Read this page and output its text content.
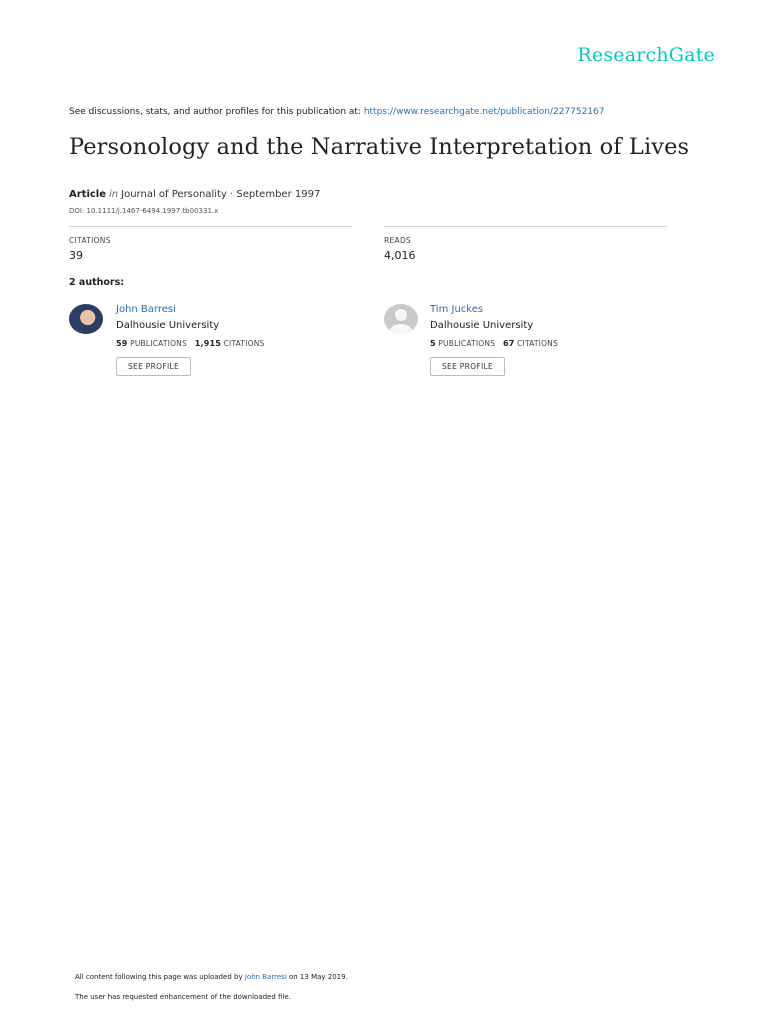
ResearchGate
See discussions, stats, and author profiles for this publication at: https://www.researchgate.net/publication/227752167
Personology and the Narrative Interpretation of Lives
Article in Journal of Personality · September 1997
DOI: 10.1111/j.1467-6494.1997.tb00331.x
CITATIONS
39
READS
4,016
2 authors:
John Barresi
Dalhousie University
59 PUBLICATIONS 1,915 CITATIONS
SEE PROFILE
Tim Juckes
Dalhousie University
5 PUBLICATIONS 67 CITATIONS
SEE PROFILE
All content following this page was uploaded by John Barresi on 13 May 2019.
The user has requested enhancement of the downloaded file.
